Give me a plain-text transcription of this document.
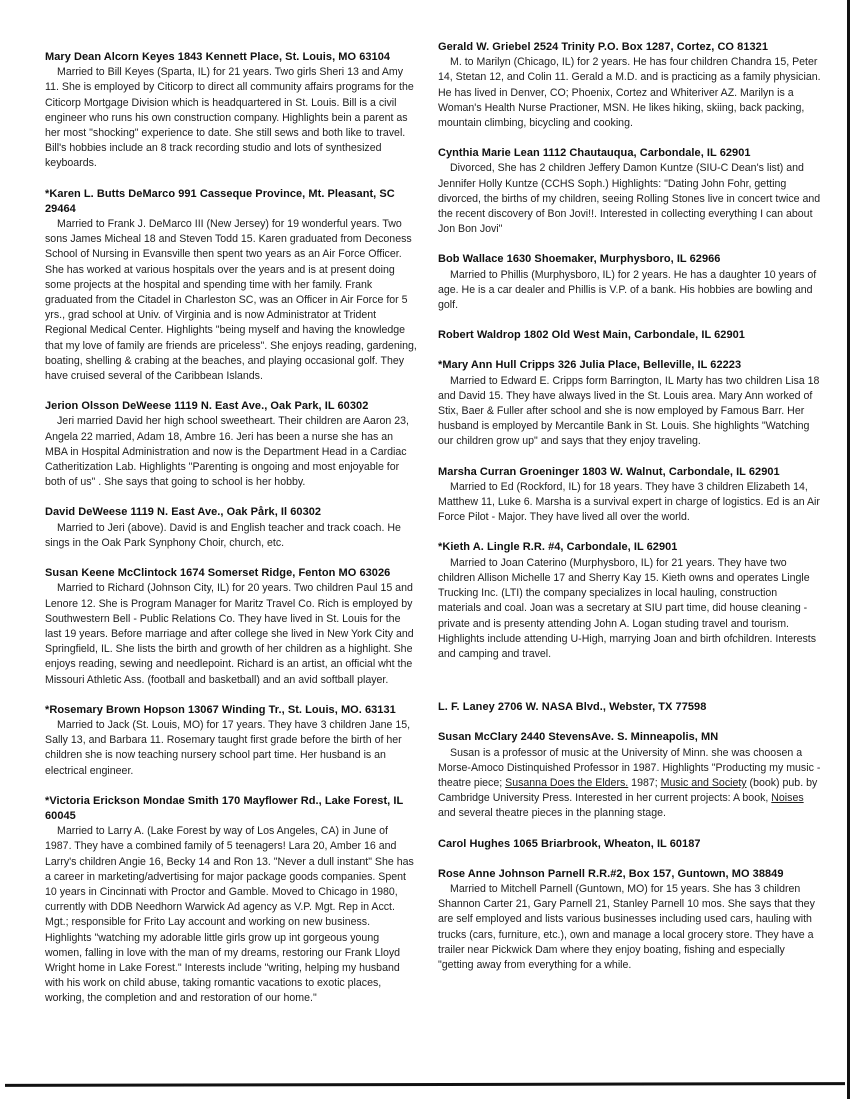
Mary Dean Alcorn Keyes 1843 Kennett Place, St. Louis, MO 63104
Married to Bill Keyes (Sparta, IL) for 21 years. Two girls Sheri 13 and Amy 11. She is employed by Citicorp to direct all community affairs programs for the Citicorp Mortgage Division which is headquartered in St. Louis. Bill is a civil engineer who runs his own construction company. Highlights bein a parent as her most "shocking" experience to date. She still sews and both like to travel. Bill's hobbies include an 8 track recording studio and lots of synthesized keyboards.
*Karen L. Butts DeMarco 991 Casseque Province, Mt. Pleasant, SC 29464
Married to Frank J. DeMarco III (New Jersey) for 19 wonderful years. Two sons James Micheal 18 and Steven Todd 15. Karen graduated from Deconess School of Nursing in Evansville then spent two years as an Air Force Officer. She has worked at various hospitals over the years and is at present doing some projects at the hospital and spending time with her family. Frank graduated from the Citadel in Charleston SC, was an Officer in Air Force for 5 yrs., grad school at Univ. of Virginia and is now Administrator at Trident Regional Medical Center. Highlights "being myself and having the knowledge that my love of family are friends are priceless". She enjoys reading, gardening, boating, shelling & crabing at the beaches, and playing occasional golf. They have cruised several of the Caribbean Islands.
Jerion Olsson DeWeese 1119 N. East Ave., Oak Park, IL 60302
Jeri married David her high school sweetheart. Their children are Aaron 23, Angela 22 married, Adam 18, Ambre 16. Jeri has been a nurse she has an MBA in Hospital Administration and now is the Department Head in a Cardiac Catheritization Lab. Highlights "Parenting is ongoing and most enjoyable for both of us" . She says that going to school is her hobby.
David DeWeese 1119 N. East Ave., Oak Pårk, Il 60302
Married to Jeri (above). David is and English teacher and track coach. He sings in the Oak Park Synphony Choir, church, etc.
Susan Keene McClintock 1674 Somerset Ridge, Fenton MO 63026
Married to Richard (Johnson City, IL) for 20 years. Two children Paul 15 and Lenore 12. She is Program Manager for Maritz Travel Co. Rich is employed by Southwestern Bell - Public Relations Co. They have lived in St. Louis for the last 19 years. Before marriage and after college she lived in New York City and Springfield, IL. She lists the birth and growth of her children as a highlight. She enjoys reading, sewing and needlepoint. Richard is an artist, an official wht the Missouri Athletic Ass. (football and basketball) and an avid softball player.
*Rosemary Brown Hopson 13067 Winding Tr., St. Louis, MO. 63131
Married to Jack (St. Louis, MO) for 17 years. They have 3 children Jane 15, Sally 13, and Barbara 11. Rosemary taught first grade before the birth of her children she is now teaching nursery school part time. Her husband is an electrical engineer.
*Victoria Erickson Mondae Smith 170 Mayflower Rd., Lake Forest, IL 60045
Married to Larry A. (Lake Forest by way of Los Angeles, CA) in June of 1987. They have a combined family of 5 teenagers! Lara 20, Amber 16 and Larry's children Angie 16, Becky 14 and Ron 13. "Never a dull instant" She has a career in marketing/advertising for major package goods companies. Spent 10 years in Cincinnati with Proctor and Gamble. Moved to Chicago in 1980, currently with DDB Needhorn Warwick Ad agency as V.P. Mgt. Rep in Acct. Mgt.; responsible for Frito Lay account and working on new business. Highlights "watching my adorable little girls grow up int gorgeous young women, falling in love with the man of my dreams, restoring our Frank Lloyd Wright home in Lake Forest." Interests include "writing, helping my husband with his work on child abuse, taking romantic vacations to exotic places, working, the completion and and restoration of our home."
Gerald W. Griebel 2524 Trinity P.O. Box 1287, Cortez, CO 81321
M. to Marilyn (Chicago, IL) for 2 years. He has four children Chandra 15, Peter 14, Stetan 12, and Colin 11. Gerald a M.D. and is practicing as a family physician. He has lived in Denver, CO; Phoenix, Cortez and Whiteriver AZ. Marilyn is a Woman's Health Nurse Practioner, MSN. He likes hiking, skiing, back packing, mountain climbing, bicycling and cooking.
Cynthia Marie Lean 1112 Chautauqua, Carbondale, IL 62901
Divorced, She has 2 children Jeffery Damon Kuntze (SIU-C Dean's list) and Jennifer Holly Kuntze (CCHS Soph.) Highlights: "Dating John Fohr, getting divorced, the births of my children, seeing Rolling Stones live in concert twice and the recent discovery of Bon Jovi!!. Interested in collecting everything I can about Jon Bon Jovi"
Bob Wallace 1630 Shoemaker, Murphysboro, IL 62966
Married to Phillis (Murphysboro, IL) for 2 years. He has a daughter 10 years of age. He is a car dealer and Phillis is V.P. of a bank. His hobbies are bowling and golf.
Robert Waldrop 1802 Old West Main, Carbondale, IL 62901
*Mary Ann Hull Cripps 326 Julia Place, Belleville, IL 62223
Married to Edward E. Cripps form Barrington, IL Marty has two children Lisa 18 and David 15. They have always lived in the St. Louis area. Mary Ann worked of Stix, Baer & Fuller after school and she is now employed by Famous Barr. Her husband is employed by Mercantile Bank in St. Louis. She highlights "Watching our children grow up" and says that they enjoy traveling.
Marsha Curran Groeninger 1803 W. Walnut, Carbondale, IL 62901
Married to Ed (Rockford, IL) for 18 years. They have 3 children Elizabeth 14, Matthew 11, Luke 6. Marsha is a survival expert in charge of logistics. Ed is an Air Force Pilot - Major. They have lived all over the world.
*Kieth A. Lingle R.R. #4, Carbondale, IL 62901
Married to Joan Caterino (Murphysboro, IL) for 21 years. They have two children Allison Michelle 17 and Sherry Kay 15. Kieth owns and operates Lingle Trucking Inc. (LTI) the company specializes in local hauling, construction materials and coal. Joan was a secretary at SIU part time, did house cleaning - private and is presenty attending John A. Logan studing travel and tourism. Highlights include attending U-High, marrying Joan and birth ofchildren. Interests and camping and travel.
L. F. Laney 2706 W. NASA Blvd., Webster, TX 77598
Susan McClary 2440 StevensAve. S. Minneapolis, MN
Susan is a professor of music at the University of Minn. she was choosen a Morse-Amoco Distinquished Professor in 1987. Highlights "Producting my music -theatre piece; Susanna Does the Elders. 1987; Music and Society (book) pub. by Cambridge University Press. Interested in her current projects: A book, Noises and several theatre pieces in the planning stage.
Carol Hughes 1065 Briarbrook, Wheaton, IL 60187
Rose Anne Johnson Parnell R.R.#2, Box 157, Guntown, MO 38849
Married to Mitchell Parnell (Guntown, MO) for 15 years. She has 3 children Shannon Carter 21, Gary Parnell 21, Stanley Parnell 10 mos. She says that they are self employed and lists various businesses including used cars, hauling with trucks (cars, furniture, etc.), own and manage a local grocery store. They have a trailer near Pickwick Dam where they enjoy boating, fishing and especially "getting away from everything for a while.
